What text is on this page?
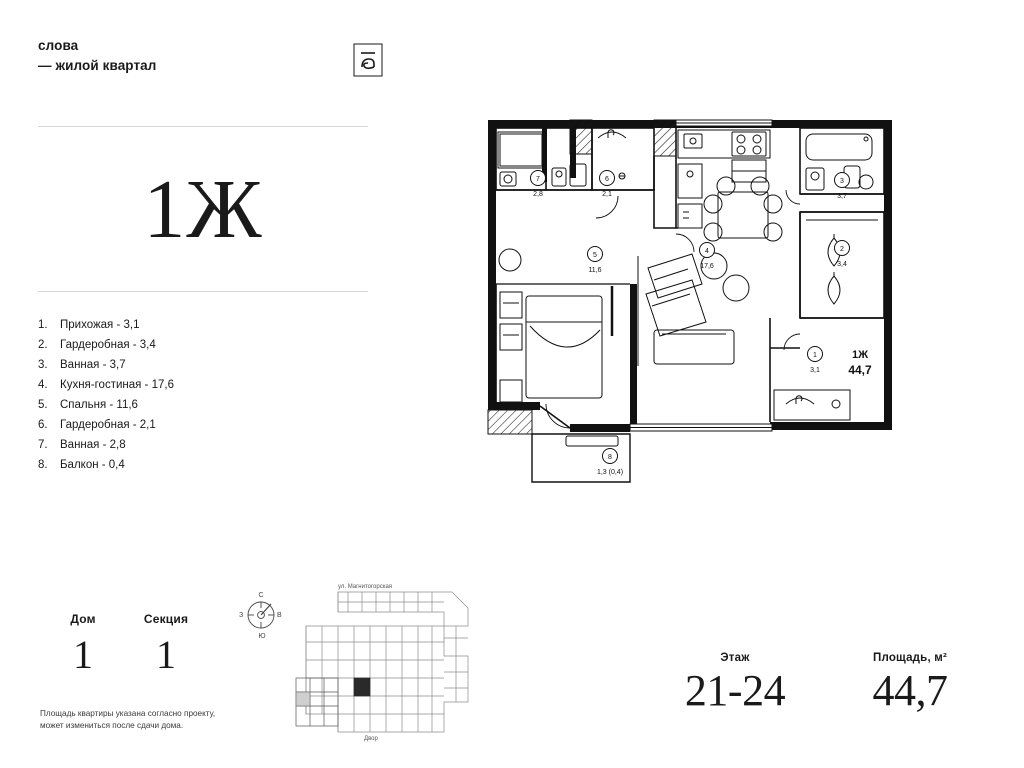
слова
— жилой квартал
1Ж
1.	Прихожая - 3,1
2.	Гардеробная - 3,4
3.	Ванная - 3,7
4.	Кухня-гостиная - 17,6
5.	Спальня - 11,6
6.	Гардеробная - 2,1
7.	Ванная - 2,8
8.	Балкон - 0,4
Дом
1
Секция
1
Площадь квартиры указана согласно проекту, может измениться после сдачи дома.
С
В
Ю
З
ул. Магнитогорская
Двор
Этаж
21-24
Площадь, м²
44,7
7
2,8
6
2,1
3
3,7
2
3,4
5
11,6
4
17,6
1
3,1
8
1,3 (0,4)
1Ж
44,7
